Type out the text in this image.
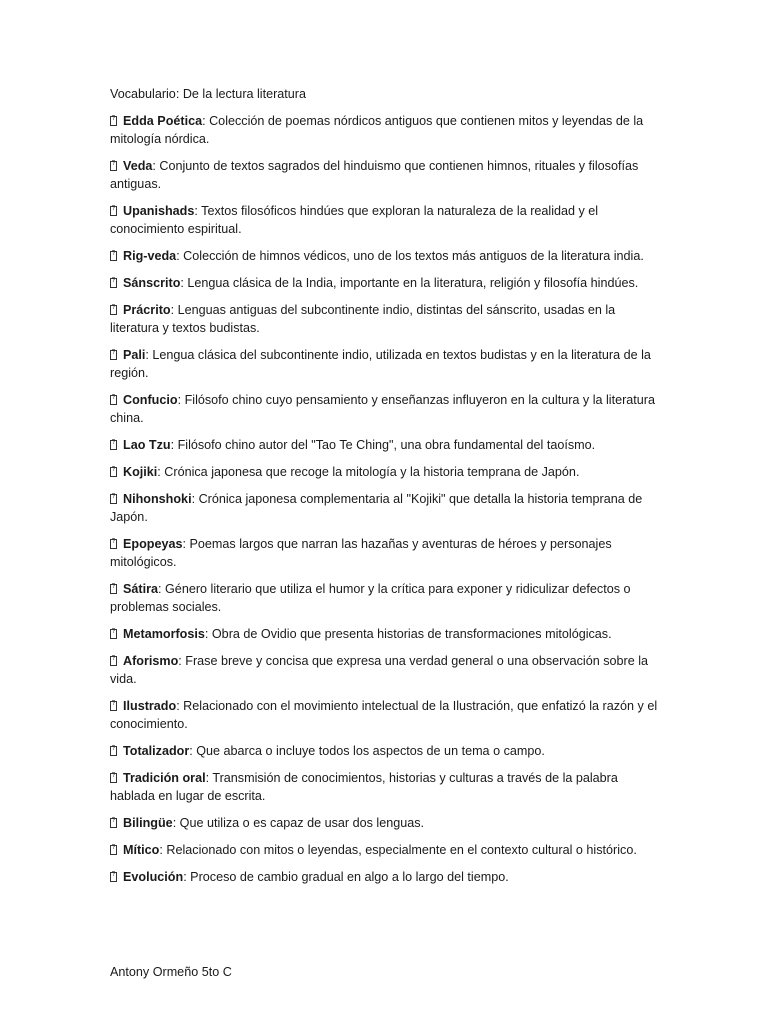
Vocabulario: De la lectura literatura

?Edda Poética: Colección de poemas nórdicos antiguos que contienen mitos y leyendas de la mitología nórdica.

?Veda: Conjunto de textos sagrados del hinduismo que contienen himnos, rituales y filosofías antiguas.

?Upanishads: Textos filosóficos hindúes que exploran la naturaleza de la realidad y el conocimiento espiritual.

?Rig-veda: Colección de himnos védicos, uno de los textos más antiguos de la literatura india.

?Sánscrito: Lengua clásica de la India, importante en la literatura, religión y filosofía hindúes.

?Prácrito: Lenguas antiguas del subcontinente indio, distintas del sánscrito, usadas en la literatura y textos budistas.

?Pali: Lengua clásica del subcontinente indio, utilizada en textos budistas y en la literatura de la región.

?Confucio: Filósofo chino cuyo pensamiento y enseñanzas influyeron en la cultura y la literatura china.

?Lao Tzu: Filósofo chino autor del "Tao Te Ching", una obra fundamental del taoísmo.

?Kojiki: Crónica japonesa que recoge la mitología y la historia temprana de Japón.

?Nihonshoki: Crónica japonesa complementaria al "Kojiki" que detalla la historia temprana de Japón.

?Epopeyas: Poemas largos que narran las hazañas y aventuras de héroes y personajes mitológicos.

?Sátira: Género literario que utiliza el humor y la crítica para exponer y ridiculizar defectos o problemas sociales.

?Metamorfosis: Obra de Ovidio que presenta historias de transformaciones mitológicas.

?Aforismo: Frase breve y concisa que expresa una verdad general o una observación sobre la vida.

?Ilustrado: Relacionado con el movimiento intelectual de la Ilustración, que enfatizó la razón y el conocimiento.

?Totalizador: Que abarca o incluye todos los aspectos de un tema o campo.

?Tradición oral: Transmisión de conocimientos, historias y culturas a través de la palabra hablada en lugar de escrita.

?Bilingüe: Que utiliza o es capaz de usar dos lenguas.

?Mítico: Relacionado con mitos o leyendas, especialmente en el contexto cultural o histórico.

?Evolución: Proceso de cambio gradual en algo a lo largo del tiempo.

Antony Ormeño 5to C
